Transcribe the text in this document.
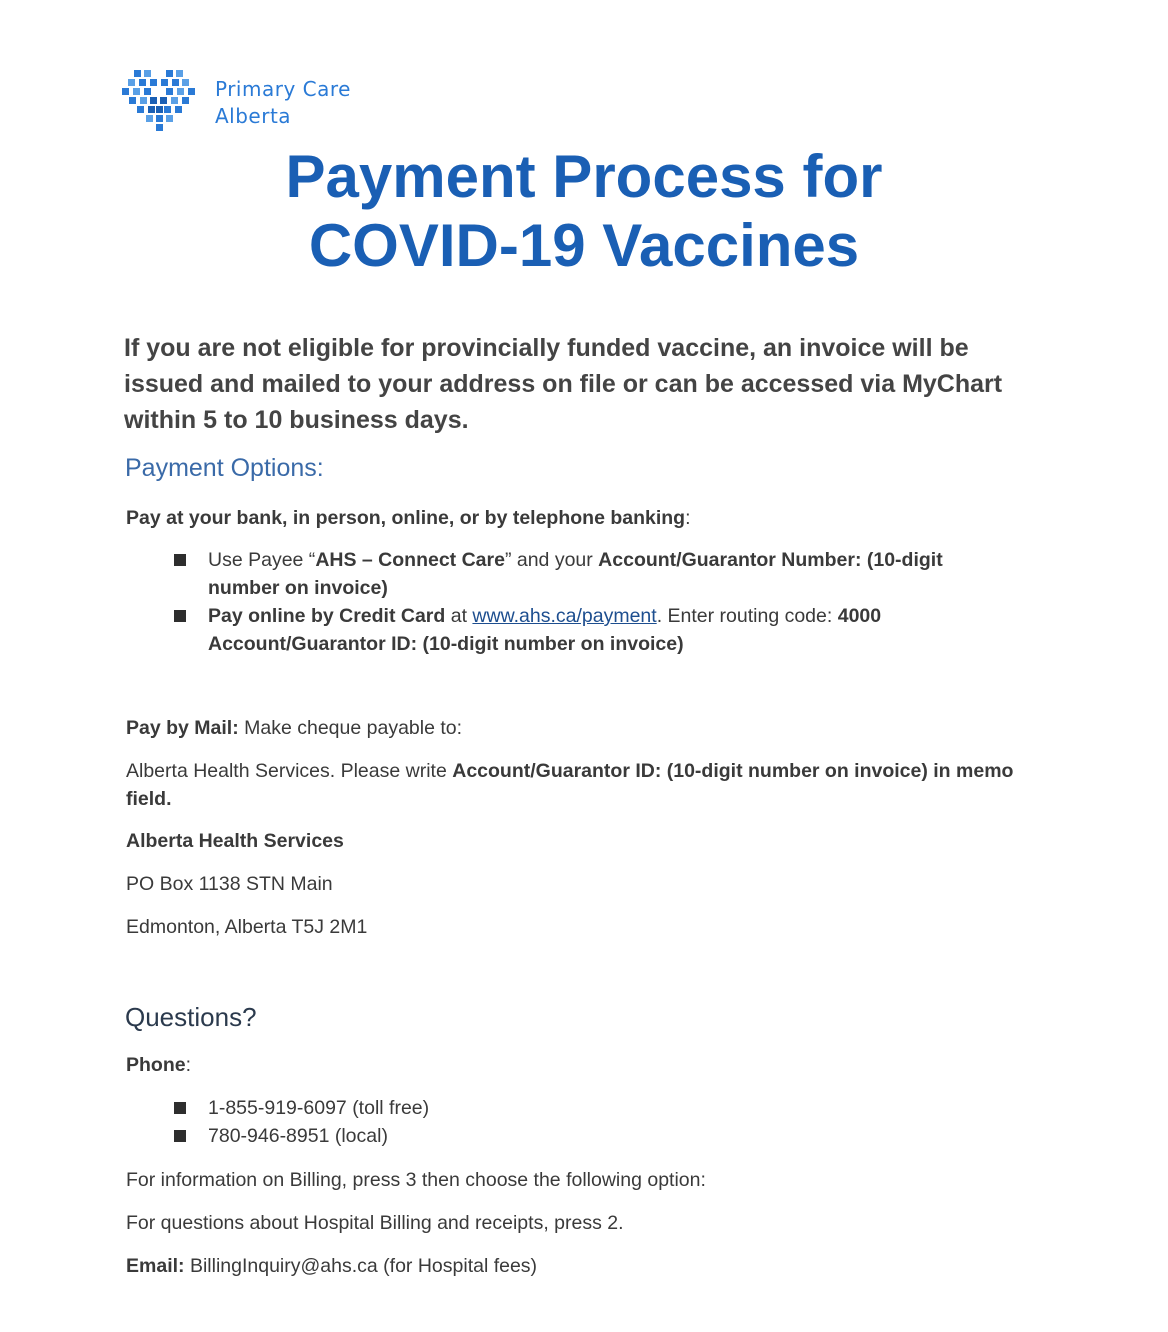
Primary Care
Alberta
Payment Process for
COVID-19 Vaccines

If you are not eligible for provincially funded vaccine, an invoice will be issued and mailed to your address on file or can be accessed via MyChart within 5 to 10 business days.

Payment Options:

Pay at your bank, in person, online, or by telephone banking:

Use Payee “AHS – Connect Care” and your Account/Guarantor Number: (10-digit number on invoice)
Pay online by Credit Card at www.ahs.ca/payment. Enter routing code: 4000 Account/Guarantor ID: (10-digit number on invoice)

Pay by Mail: Make cheque payable to:

Alberta Health Services. Please write Account/Guarantor ID: (10-digit number on invoice) in memo field.

Alberta Health Services

PO Box 1138 STN Main

Edmonton, Alberta T5J 2M1

Questions?

Phone:

1-855-919-6097 (toll free)
780-946-8951 (local)

For information on Billing, press 3 then choose the following option:

For questions about Hospital Billing and receipts, press 2.

Email: BillingInquiry@ahs.ca (for Hospital fees)
